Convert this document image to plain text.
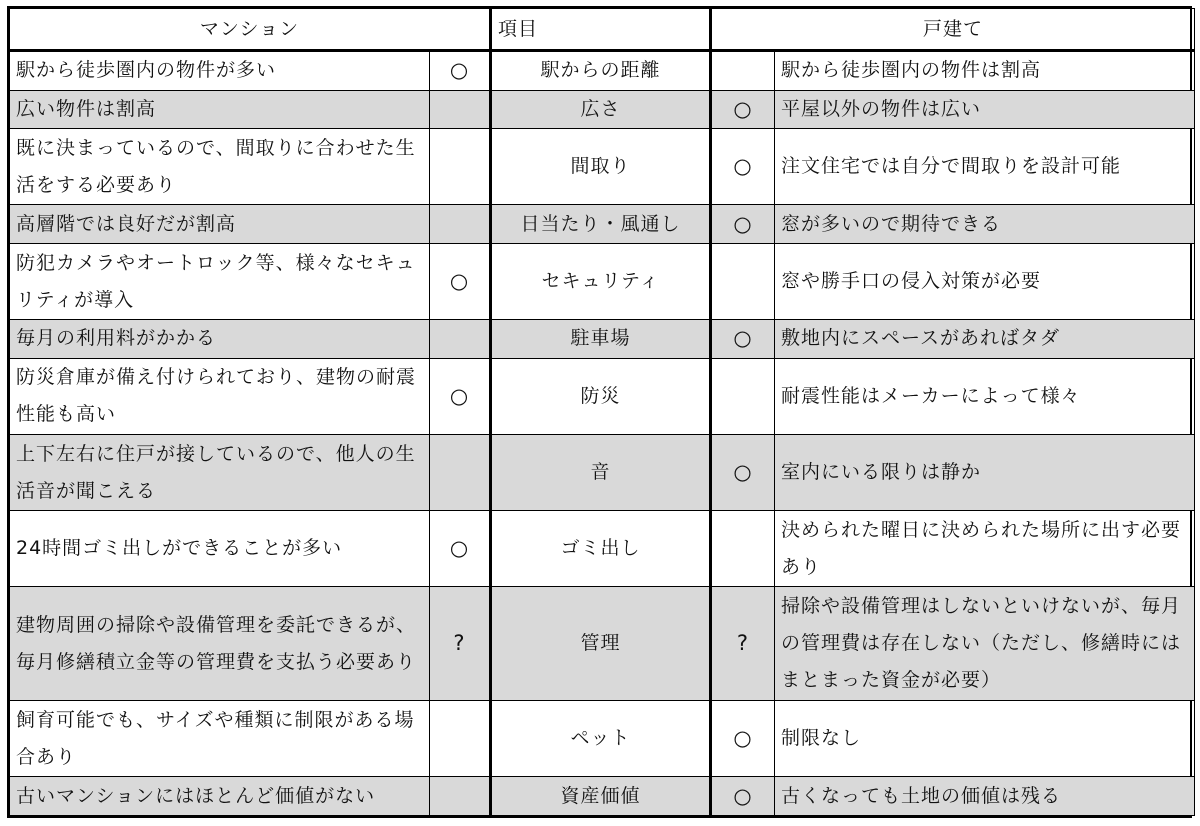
マンション		項目	戸建て	
駅から徒歩圏内の物件が多い	○	駅からの距離		駅から徒歩圏内の物件は割高
広い物件は割高		広さ	○	平屋以外の物件は広い
既に決まっているので、間取りに合わせた生活をする必要あり		間取り	○	注文住宅では自分で間取りを設計可能
高層階では良好だが割高		日当たり・風通し	○	窓が多いので期待できる
防犯カメラやオートロック等、様々なセキュリティが導入	○	セキュリティ		窓や勝手口の侵入対策が必要
毎月の利用料がかかる		駐車場	○	敷地内にスペースがあればタダ
防災倉庫が備え付けられており、建物の耐震性能も高い	○	防災		耐震性能はメーカーによって様々
上下左右に住戸が接しているので、他人の生活音が聞こえる		音	○	室内にいる限りは静か
24時間ゴミ出しができることが多い	○	ゴミ出し		決められた曜日に決められた場所に出す必要あり
建物周囲の掃除や設備管理を委託できるが、毎月修繕積立金等の管理費を支払う必要あり	?	管理	?	掃除や設備管理はしないといけないが、毎月の管理費は存在しない（ただし、修繕時にはまとまった資金が必要）
飼育可能でも、サイズや種類に制限がある場合あり		ペット	○	制限なし
古いマンションにはほとんど価値がない		資産価値	○	古くなっても土地の価値は残る
